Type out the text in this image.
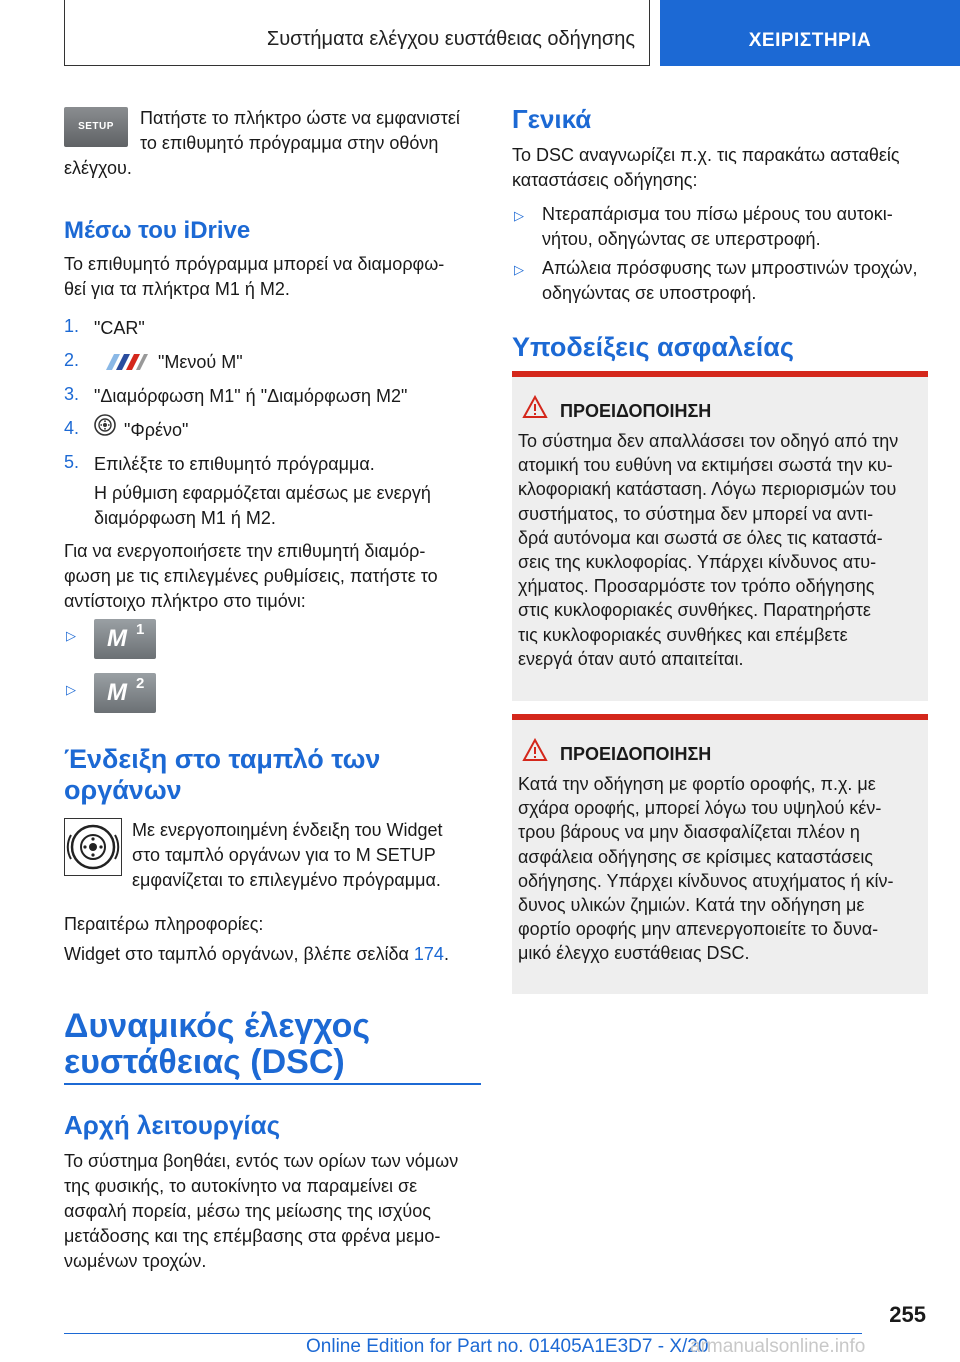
Συστήματα ελέγχου ευστάθειας οδήγησης	ΧΕΙΡΙΣΤΗΡΙΑ
SETUP	Πατήστε το πλήκτρο ώστε να εμφανιστεί
το επιθυμητό πρόγραμμα στην οθόνη
ελέγχου.
Μέσω του iDrive
Το επιθυμητό πρόγραμμα μπορεί να διαμορφω-
θεί για τα πλήκτρα M1 ή M2.
1. "CAR"
2.	"Μενού M"
3. "Διαμόρφωση M1" ή "Διαμόρφωση M2"
4. "Φρένο"
5. Επιλέξτε το επιθυμητό πρόγραμμα.
Η ρύθμιση εφαρμόζεται αμέσως με ενεργή
διαμόρφωση M1 ή M2.
Για να ενεργοποιήσετε την επιθυμητή διαμόρ-
φωση με τις επιλεγμένες ρυθμίσεις, πατήστε το
αντίστοιχο πλήκτρο στο τιμόνι:
▷ M 1
▷ M 2
Ένδειξη στο ταμπλό των
οργάνων
Με ενεργοποιημένη ένδειξη του Widget
στο ταμπλό οργάνων για το M SETUP
εμφανίζεται το επιλεγμένο πρόγραμμα.
Περαιτέρω πληροφορίες:
Widget στο ταμπλό οργάνων, βλέπε σελίδα 174.
Δυναμικός έλεγχος
ευστάθειας (DSC)
Αρχή λειτουργίας
Το σύστημα βοηθάει, εντός των ορίων των νόμων
της φυσικής, το αυτοκίνητο να παραμείνει σε
ασφαλή πορεία, μέσω της μείωσης της ισχύος
μετάδοσης και της επέμβασης στα φρένα μεμο-
νωμένων τροχών.
Γενικά
Το DSC αναγνωρίζει π.χ. τις παρακάτω ασταθείς
καταστάσεις οδήγησης:
▷ Ντεραπάρισμα του πίσω μέρους του αυτοκι-
νήτου, οδηγώντας σε υπερστροφή.
▷ Απώλεια πρόσφυσης των μπροστινών τροχών,
οδηγώντας σε υποστροφή.
Υποδείξεις ασφαλείας
ΠΡΟΕΙΔΟΠΟΙΗΣΗ
Το σύστημα δεν απαλλάσσει τον οδηγό από την
ατομική του ευθύνη να εκτιμήσει σωστά την κυ-
κλοφοριακή κατάσταση. Λόγω περιορισμών του
συστήματος, το σύστημα δεν μπορεί να αντι-
δρά αυτόνομα και σωστά σε όλες τις καταστά-
σεις της κυκλοφορίας. Υπάρχει κίνδυνος ατυ-
χήματος. Προσαρμόστε τον τρόπο οδήγησης
στις κυκλοφοριακές συνθήκες. Παρατηρήστε
τις κυκλοφοριακές συνθήκες και επέμβετε
ενεργά όταν αυτό απαιτείται.
ΠΡΟΕΙΔΟΠΟΙΗΣΗ
Κατά την οδήγηση με φορτίο οροφής, π.χ. με
σχάρα οροφής, μπορεί λόγω του υψηλού κέν-
τρου βάρους να μην διασφαλίζεται πλέον η
ασφάλεια οδήγησης σε κρίσιμες καταστάσεις
οδήγησης. Υπάρχει κίνδυνος ατυχήματος ή κίν-
δυνος υλικών ζημιών. Κατά την οδήγηση με
φορτίο οροφής μην απενεργοποιείτε το δυνα-
μικό έλεγχο ευστάθειας DSC.
255
Online Edition for Part no. 01405A1E3D7 - X/20
armanualsonline.info
